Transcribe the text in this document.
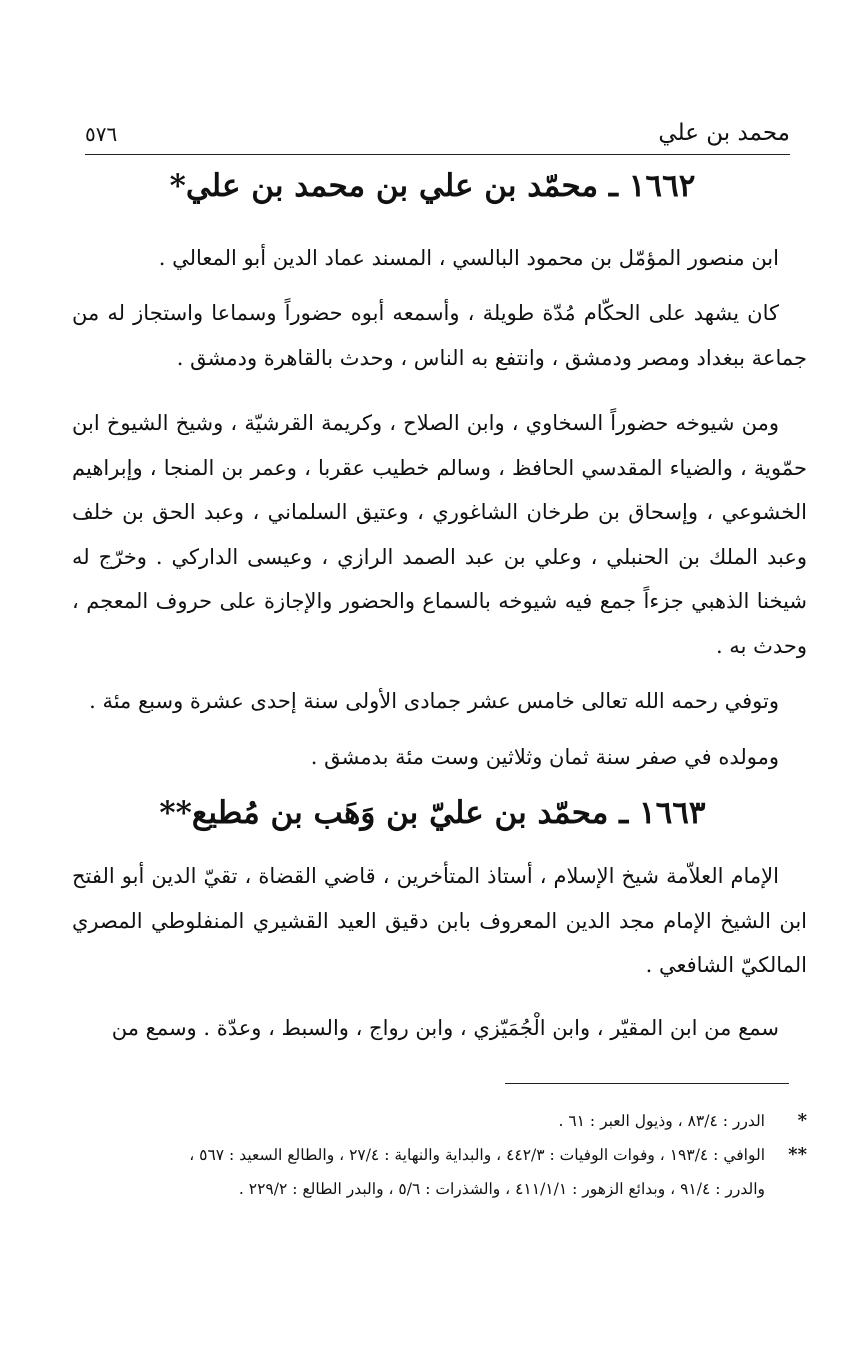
محمد بن علي
٥٧٦
١٦٦٢ ـ محمّد بن علي بن محمد بن علي*

ابن منصور المؤمّل بن محمود البالسي ، المسند عماد الدين أبو المعالي .

كان يشهد على الحكّام مُدّة طويلة ، وأسمعه أبوه حضوراً وسماعا واستجاز له من جماعة ببغداد ومصر ودمشق ، وانتفع به الناس ، وحدث بالقاهرة ودمشق .

ومن شيوخه حضوراً السخاوي ، وابن الصلاح ، وكريمة القرشيّة ، وشيخ الشيوخ ابن حمّوية ، والضياء المقدسي الحافظ ، وسالم خطيب عقربا ، وعمر بن المنجا ، وإبراهيم الخشوعي ، وإسحاق بن طرخان الشاغوري ، وعتيق السلماني ، وعبد الحق بن خلف وعبد الملك بن الحنبلي ، وعلي بن عبد الصمد الرازي ، وعيسى الداركي . وخرّج له شيخنا الذهبي جزءاً جمع فيه شيوخه بالسماع والحضور والإجازة على حروف المعجم ، وحدث به .

وتوفي رحمه الله تعالى خامس عشر جمادى الأولى سنة إحدى عشرة وسبع مئة .

ومولده في صفر سنة ثمان وثلاثين وست مئة بدمشق .

١٦٦٣ ـ محمّد بن عليّ بن وَهَب بن مُطيع**

الإمام العلاّمة شيخ الإسلام ، أستاذ المتأخرين ، قاضي القضاة ، تقيّ الدين أبو الفتح ابن الشيخ الإمام مجد الدين المعروف بابن دقيق العيد القشيري المنفلوطي المصري المالكيّ الشافعي .

سمع من ابن المقيّر ، وابن الْجُمَيّزي ، وابن رواج ، والسبط ، وعدّة . وسمع من

*الدرر : ٨٣/٤ ، وذيول العبر : ٦١ .

**الوافي : ١٩٣/٤ ، وفوات الوفيات : ٤٤٢/٣ ، والبداية والنهاية : ٢٧/٤ ، والطالع السعيد : ٥٦٧ ،

والدرر : ٩١/٤ ، وبدائع الزهور : ٤١١/١/١ ، والشذرات : ٥/٦ ، والبدر الطالع : ٢٢٩/٢ .
